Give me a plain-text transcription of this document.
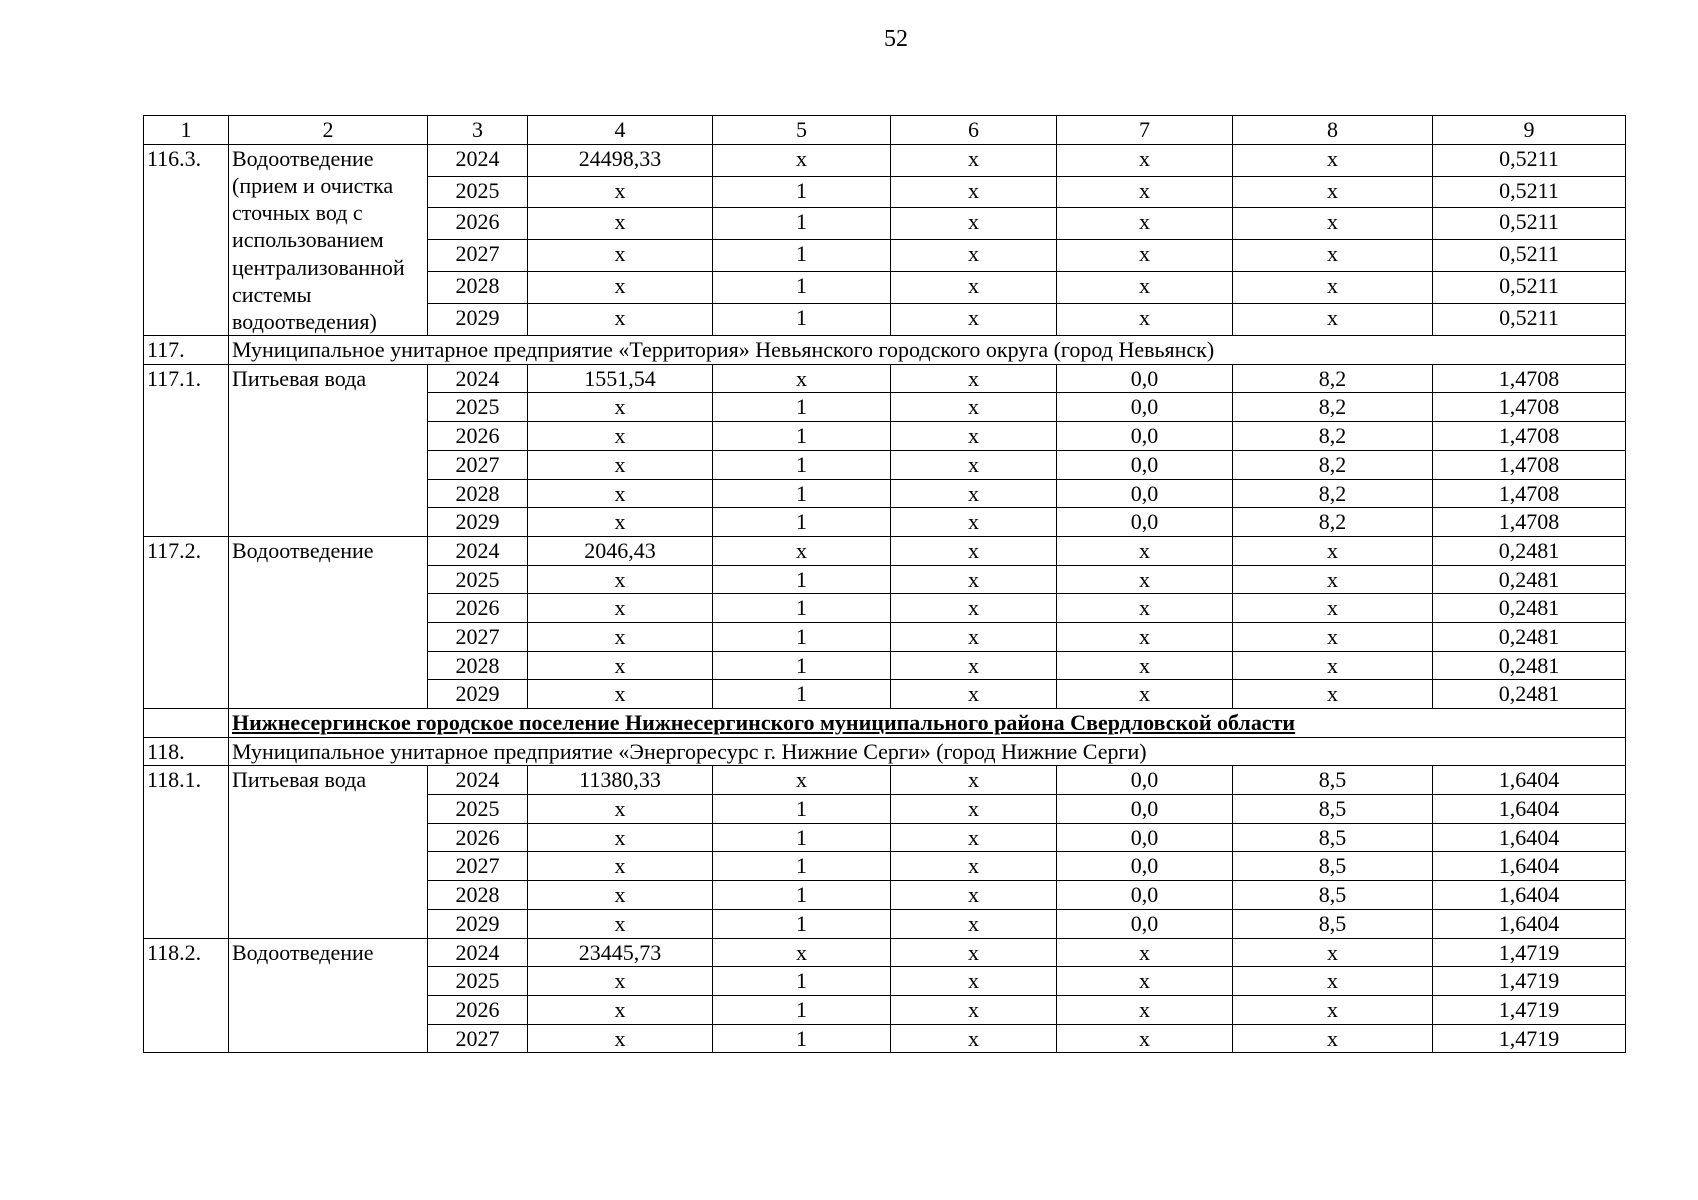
52
1	2	3	4	5	6	7	8	9
116.3.	Водоотведение (прием и очистка сточных вод с использованием централизованной системы водоотведения)	2024	24498,33	х	х	х	х	0,5211
		2025	х	1	х	х	х	0,5211
		2026	х	1	х	х	х	0,5211
		2027	х	1	х	х	х	0,5211
		2028	х	1	х	х	х	0,5211
		2029	х	1	х	х	х	0,5211
117.	Муниципальное унитарное предприятие «Территория» Невьянского городского округа (город Невьянск)							
117.1.	Питьевая вода	2024	1551,54	х	х	0,0	8,2	1,4708
		2025	х	1	х	0,0	8,2	1,4708
		2026	х	1	х	0,0	8,2	1,4708
		2027	х	1	х	0,0	8,2	1,4708
		2028	х	1	х	0,0	8,2	1,4708
		2029	х	1	х	0,0	8,2	1,4708
117.2.	Водоотведение	2024	2046,43	х	х	х	х	0,2481
		2025	х	1	х	х	х	0,2481
		2026	х	1	х	х	х	0,2481
		2027	х	1	х	х	х	0,2481
		2028	х	1	х	х	х	0,2481
		2029	х	1	х	х	х	0,2481
	Нижнесергинское городское поселение Нижнесергинского муниципального района Свердловской области							
118.	Муниципальное унитарное предприятие «Энергоресурс г. Нижние Серги» (город Нижние Серги)							
118.1.	Питьевая вода	2024	11380,33	х	х	0,0	8,5	1,6404
		2025	х	1	х	0,0	8,5	1,6404
		2026	х	1	х	0,0	8,5	1,6404
		2027	х	1	х	0,0	8,5	1,6404
		2028	х	1	х	0,0	8,5	1,6404
		2029	х	1	х	0,0	8,5	1,6404
118.2.	Водоотведение	2024	23445,73	х	х	х	х	1,4719
		2025	х	1	х	х	х	1,4719
		2026	х	1	х	х	х	1,4719
		2027	х	1	х	х	х	1,4719
